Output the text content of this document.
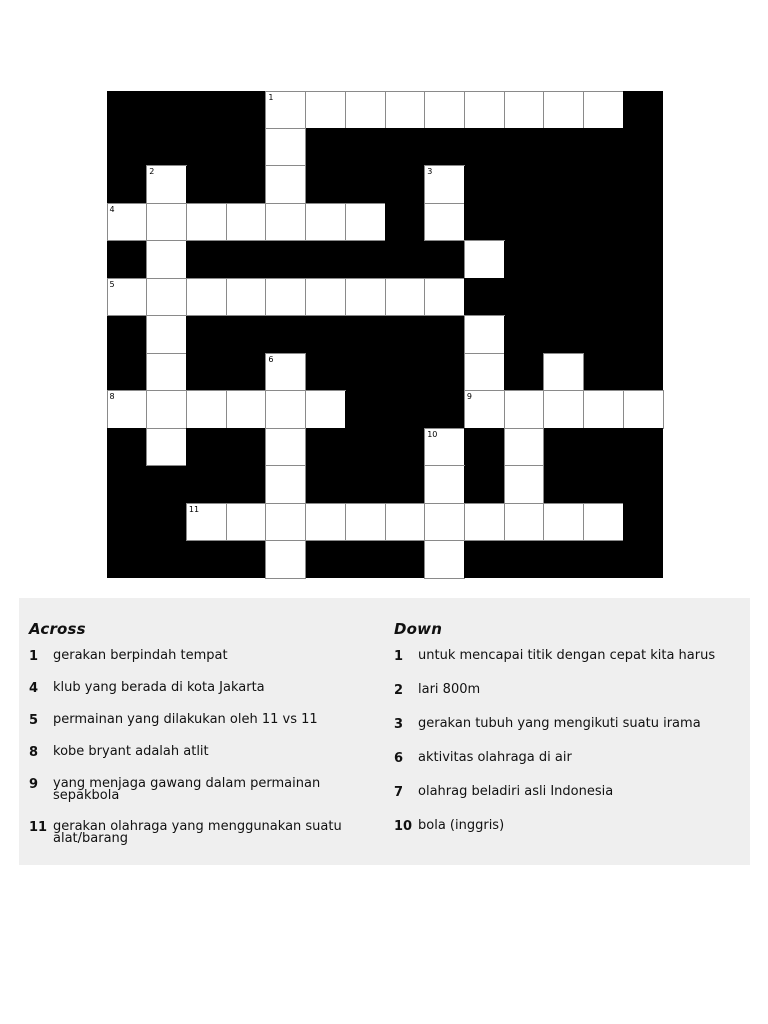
1
2	3
4
5
6	7
8	9
10
11
Across
1	gerakan berpindah tempat
4	klub yang berada di kota Jakarta
5	permainan yang dilakukan oleh 11 vs 11
8	kobe bryant adalah atlit
9	yang menjaga gawang dalam permainan sepakbola
11 gerakan olahraga yang menggunakan suatu alat/barang
Down
1	untuk mencapai titik dengan cepat kita harus
2	lari 800m
3	gerakan tubuh yang mengikuti suatu irama
6	aktivitas olahraga di air
7	olahrag beladiri asli Indonesia
10 bola (inggris)
